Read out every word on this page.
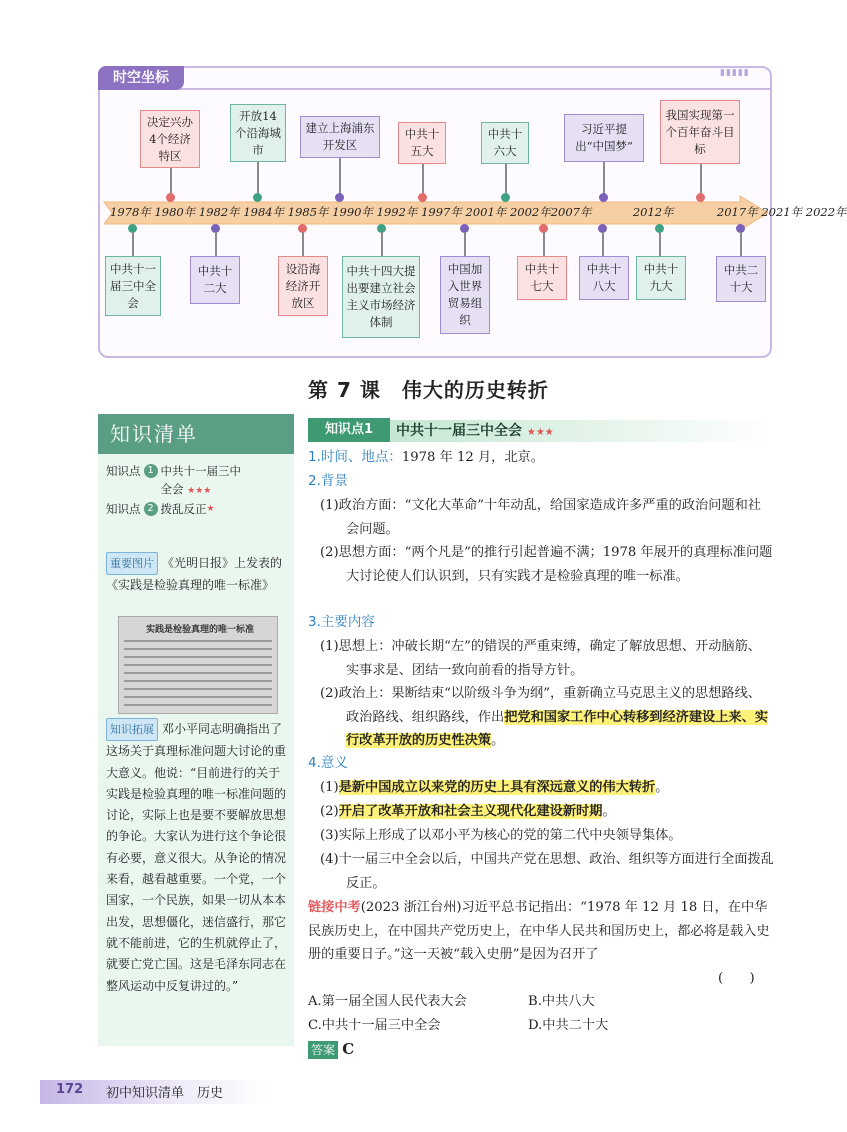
时空坐标	▮▮▮▮▮
1978年 1980年 1982年 1984年 1985年 1990年 1992年 1997年 2001年 2002年2007年	2012年	2017年 2021年 2022年
决定兴办4个经济特区
开放14个沿海城市
建立上海浦东开发区
中共十五大
中共十六大
习近平提出“中国梦”
我国实现第一个百年奋斗目标
中共十一届三中全会
中共十二大
设沿海经济开放区
中共十四大提出要建立社会主义市场经济体制
中国加入世界贸易组织
中共十七大
中共十八大
中共十九大
中共二十大
第 7 课　伟大的历史转折
知识清单
知识点 1 中共十一届三中全会 ★★★
知识点 2 拨乱反正 ★
重要图片 《光明日报》上发表的《实践是检验真理的唯一标准》
实践是检验真理的唯一标准
知识拓展 邓小平同志明确指出了这场关于真理标准问题大讨论的重大意义。他说：“目前进行的关于实践是检验真理的唯一标准问题的讨论，实际上也是要不要解放思想的争论。大家认为进行这个争论很有必要，意义很大。从争论的情况来看，越看越重要。一个党，一个国家，一个民族，如果一切从本本出发，思想僵化，迷信盛行，那它就不能前进，它的生机就停止了，就要亡党亡国。这是毛泽东同志在整风运动中反复讲过的。”
知识点1	中共十一届三中全会 ★★★
1.时间、地点：1978 年 12 月，北京。
2.背景
(1)政治方面：“文化大革命”十年动乱，给国家造成许多严重的政治问题和社会问题。
(2)思想方面：“两个凡是”的推行引起普遍不满；1978 年展开的真理标准问题大讨论使人们认识到，只有实践才是检验真理的唯一标准。
3.主要内容
(1)思想上：冲破长期“左”的错误的严重束缚，确定了解放思想、开动脑筋、实事求是、团结一致向前看的指导方针。
(2)政治上：果断结束“以阶级斗争为纲”，重新确立马克思主义的思想路线、政治路线、组织路线，作出把党和国家工作中心转移到经济建设上来、实行改革开放的历史性决策。
4.意义
(1)是新中国成立以来党的历史上具有深远意义的伟大转折。
(2)开启了改革开放和社会主义现代化建设新时期。
(3)实际上形成了以邓小平为核心的党的第二代中央领导集体。
(4)十一届三中全会以后，中国共产党在思想、政治、组织等方面进行全面拨乱反正。
链接中考(2023 浙江台州)习近平总书记指出：“1978 年 12 月 18 日，在中华民族历史上，在中国共产党历史上，在中华人民共和国历史上，都必将是载入史册的重要日子。”这一天被“载入史册”是因为召开了
(　　)
A.第一届全国人民代表大会	B.中共八大
C.中共十一届三中全会	D.中共二十大
答案 C
172 初中知识清单　历史
